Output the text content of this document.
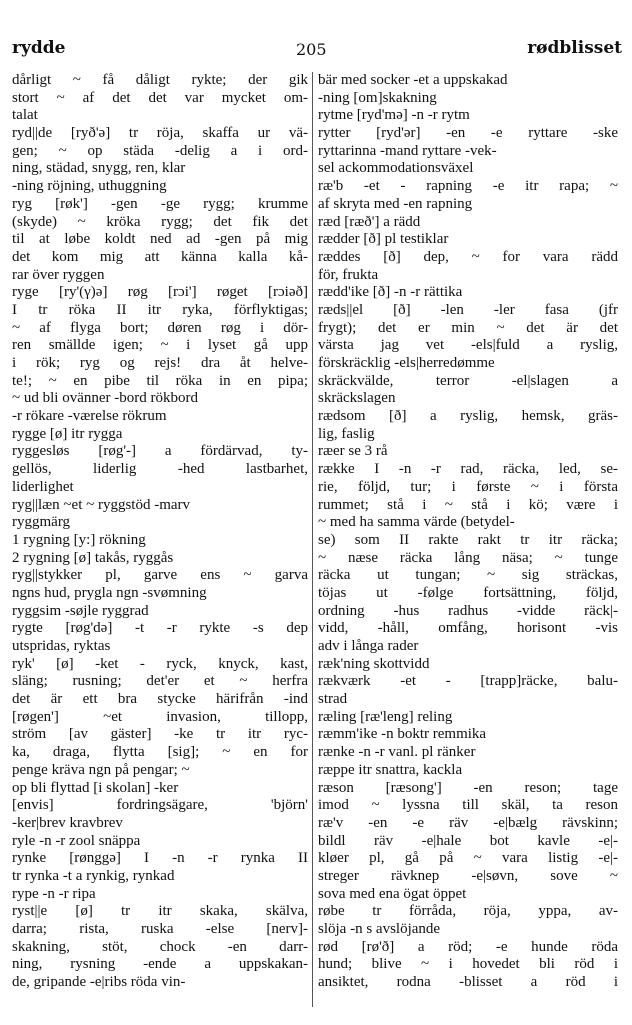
rydde	205	rødblisset
dårligt ~ få dåligt rykte; der gik
stort ~ af det det var mycket om-
talat
ryd||de [ryð'ə] tr röja, skaffa ur vä-
gen; ~ op städa -delig a i ord-
ning, städad, snygg, ren, klar
-ning röjning, uthuggning
ryg [røk'] -gen -ge rygg; krumme
(skyde) ~ kröka rygg; det fik det
til at løbe koldt ned ad -gen på mig
det kom mig att känna kalla kå-
rar över ryggen
ryge [ry'(γ)ə] røg [rɔi'] røget [rɔiəð]
I tr röka II itr ryka, förflyktigas;
~ af flyga bort; døren røg i dör-
ren smällde igen; ~ i lyset gå upp
i rök; ryg og rejs! dra åt helve-
te!; ~ en pibe til röka in en pipa;
~ ud bli ovänner -bord rökbord
-r rökare -værelse rökrum
rygge [ø] itr rygga
ryggesløs [røg'-] a fördärvad, ty-
gellös, liderlig -hed lastbarhet,
liderlighet
ryg||læn ~et ~ ryggstöd -marv
ryggmärg
1 rygning [y:] rökning
2 rygning [ø] takås, ryggås
ryg||stykker pl, garve ens ~ garva
ngns hud, prygla ngn -svømning
ryggsim -søjle ryggrad
rygte [røg'də] -t -r rykte -s dep
utspridas, ryktas
ryk' [ø] -ket - ryck, knyck, kast,
släng; rusning; det'er et ~ herfra
det är ett bra stycke härifrån -ind
[røgen'] ~et invasion, tillopp,
ström [av gäster] -ke tr itr ryc-
ka, draga, flytta [sig]; ~ en for
penge kräva ngn på pengar; ~
op bli flyttad [i skolan] -ker
[envis] fordringsägare, 'björn'
-ker|brev kravbrev
ryle -n -r zool snäppa
rynke [rønggə] I -n -r rynka II
tr rynka -t a rynkig, rynkad
rype -n -r ripa
ryst||e [ø] tr itr skaka, skälva,
darra; rista, ruska -else [nerv]-
skakning, stöt, chock -en darr-
ning, rysning -ende a uppskakan-
de, gripande -e|ribs röda vin-
bär med socker -et a uppskakad
-ning [om]skakning
rytme [ryd'mə] -n -r rytm
rytter [ryd'ər] -en -e ryttare -ske
ryttarinna -mand ryttare -vek-
sel ackommodationsväxel
ræ'b -et - rapning -e itr rapa; ~
af skryta med -en rapning
ræd [ræð'] a rädd
rædder [ð] pl testiklar
ræddes [ð] dep, ~ for vara rädd
för, frukta
rædd'ike [ð] -n -r rättika
ræds||el [ð] -len -ler fasa (jfr
frygt); det er min ~ det är det
värsta jag vet -els|fuld a ryslig,
förskräcklig -els|herredømme
skräckvälde, terror -el|slagen a
skräckslagen
rædsom [ð] a ryslig, hemsk, gräs-
lig, faslig
ræer se 3 rå
række I -n -r rad, räcka, led, se-
rie, följd, tur; i første ~ i första
rummet; stå i ~ stå i kö; være i
~ med ha samma värde (betydel-
se) som II rakte rakt tr itr räcka;
~ næse räcka lång näsa; ~ tunge
räcka ut tungan; ~ sig sträckas,
töjas ut -følge fortsättning, följd,
ordning -hus radhus -vidde räck|-
vidd, -håll, omfång, horisont -vis
adv i långa rader
ræk'ning skottvidd
rækværk -et - [trapp]räcke, balu-
strad
ræling [ræ'leng] reling
ræmm'ike -n boktr remmika
rænke -n -r vanl. pl ränker
ræppe itr snattra, kackla
ræson [ræsong'] -en reson; tage
imod ~ lyssna till skäl, ta reson
ræ'v -en -e räv -e|bælg rävskinn;
bildl räv -e|hale bot kavle -e|-
kløer pl, gå på ~ vara listig -e|-
streger rävknep -e|søvn, sove ~
sova med ena ögat öppet
røbe tr förråda, röja, yppa, av-
slöja -n s avslöjande
rød [rø'ð] a röd; -e hunde röda
hund; blive ~ i hovedet bli röd i
ansiktet, rodna -blisset a röd i
